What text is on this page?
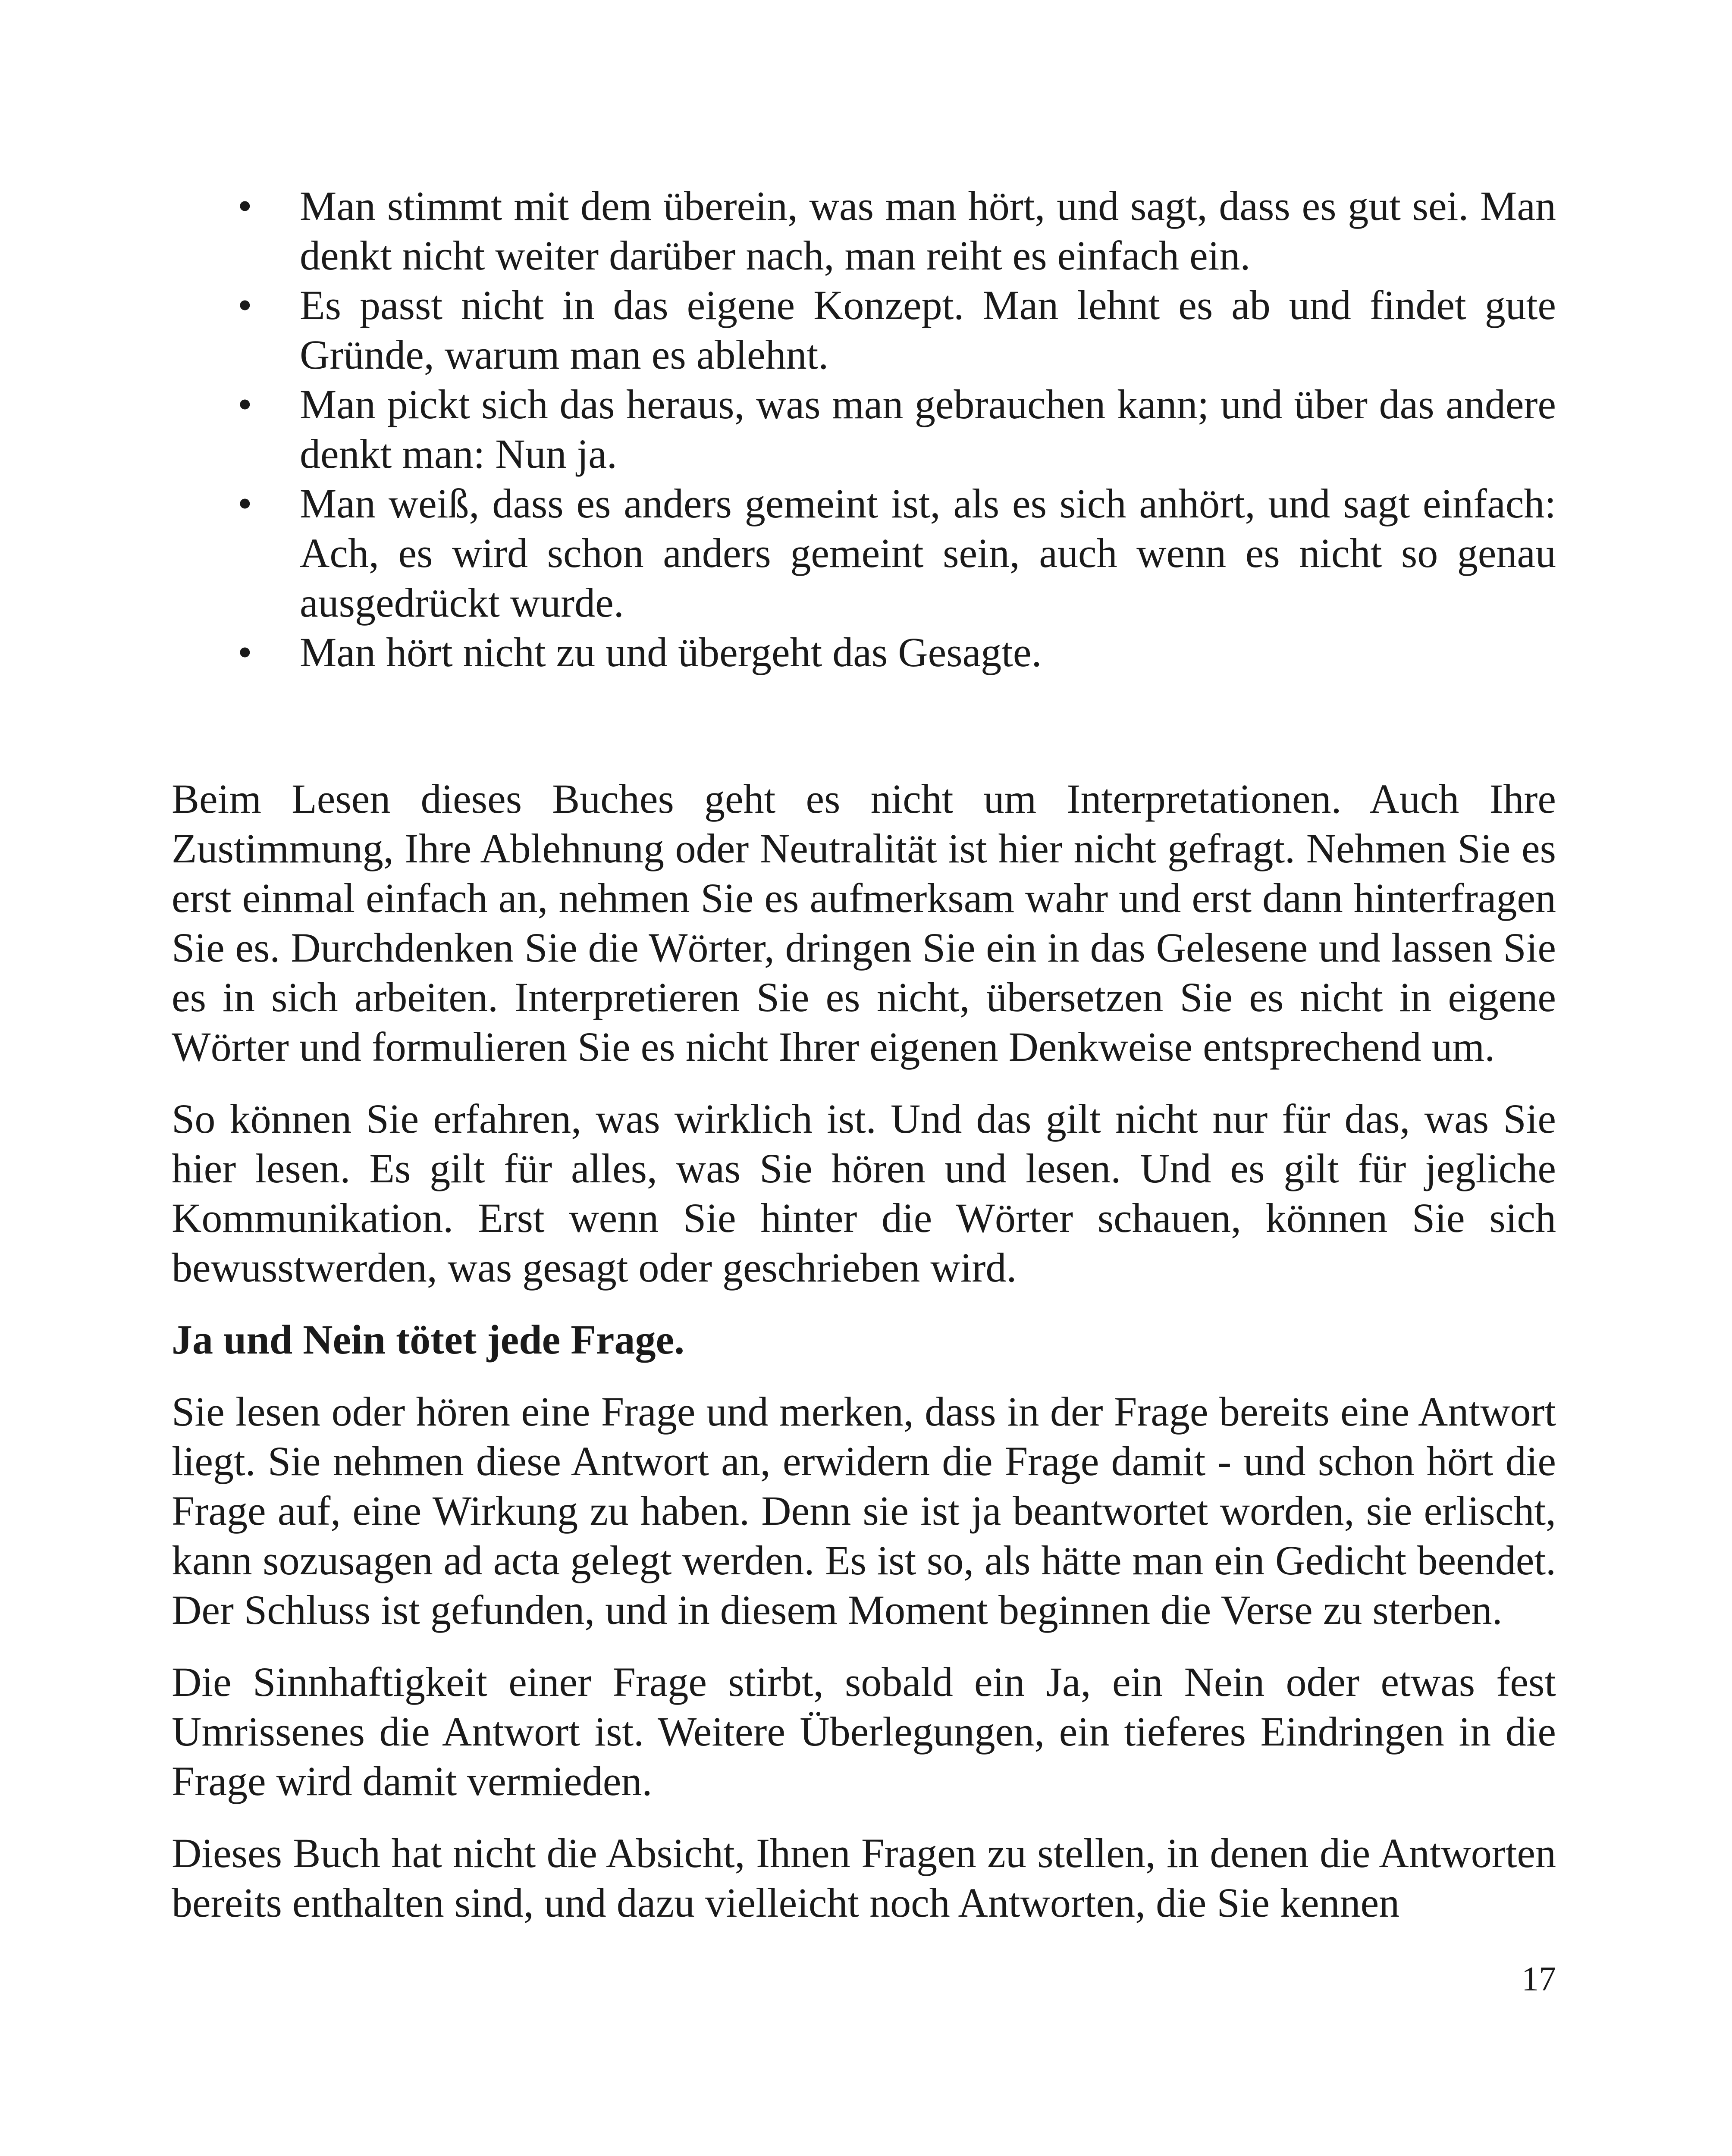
• Man stimmt mit dem überein, was man hört, und sagt, dass es gut sei. Man denkt nicht weiter darüber nach, man reiht es einfach ein.
• Es passt nicht in das eigene Konzept. Man lehnt es ab und findet gute Gründe, warum man es ablehnt.
• Man pickt sich das heraus, was man gebrauchen kann; und über das andere denkt man: Nun ja.
• Man weiß, dass es anders gemeint ist, als es sich anhört, und sagt einfach: Ach, es wird schon anders gemeint sein, auch wenn es nicht so genau ausgedrückt wurde.
• Man hört nicht zu und übergeht das Gesagte.

Beim Lesen dieses Buches geht es nicht um Interpretationen. Auch Ihre Zustimmung, Ihre Ablehnung oder Neutralität ist hier nicht gefragt. Nehmen Sie es erst einmal einfach an, nehmen Sie es aufmerksam wahr und erst dann hinterfragen Sie es. Durchdenken Sie die Wörter, dringen Sie ein in das Gelesene und lassen Sie es in sich arbeiten. Interpretieren Sie es nicht, übersetzen Sie es nicht in eigene Wörter und formulieren Sie es nicht Ihrer eigenen Denkweise entsprechend um.

So können Sie erfahren, was wirklich ist. Und das gilt nicht nur für das, was Sie hier lesen. Es gilt für alles, was Sie hören und lesen. Und es gilt für jegliche Kommunikation. Erst wenn Sie hinter die Wörter schauen, können Sie sich bewusstwerden, was gesagt oder geschrieben wird.

Ja und Nein tötet jede Frage.

Sie lesen oder hören eine Frage und merken, dass in der Frage bereits eine Antwort liegt. Sie nehmen diese Antwort an, erwidern die Frage damit - und schon hört die Frage auf, eine Wirkung zu haben. Denn sie ist ja beantwortet worden, sie erlischt, kann sozusagen ad acta gelegt werden. Es ist so, als hätte man ein Gedicht beendet. Der Schluss ist gefunden, und in diesem Moment beginnen die Verse zu sterben.

Die Sinnhaftigkeit einer Frage stirbt, sobald ein Ja, ein Nein oder etwas fest Umrissenes die Antwort ist. Weitere Überlegungen, ein tieferes Eindringen in die Frage wird damit vermieden.

Dieses Buch hat nicht die Absicht, Ihnen Fragen zu stellen, in denen die Antworten bereits enthalten sind, und dazu vielleicht noch Antworten, die Sie kennen

17
